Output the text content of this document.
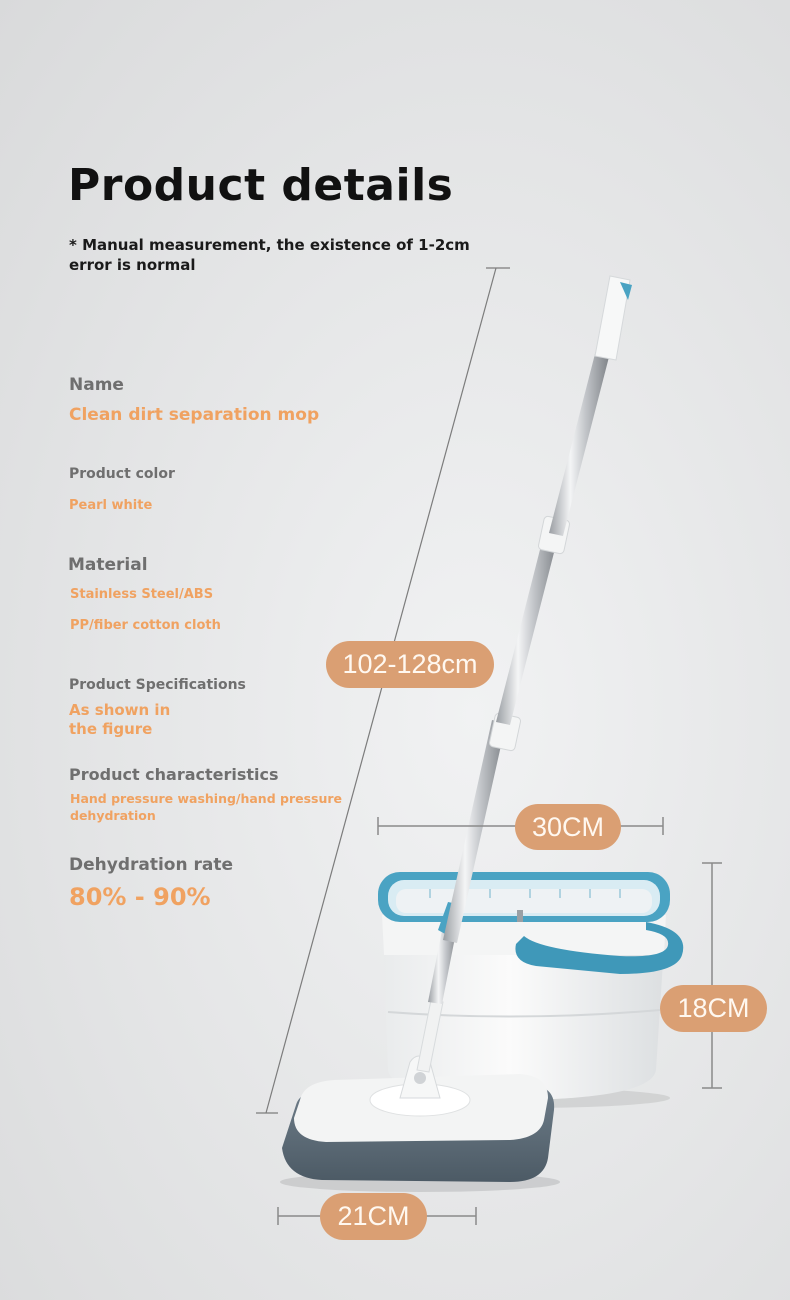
Product details
* Manual measurement, the existence of 1-2cm error is normal
Name
Clean dirt separation mop
Product color
Pearl white
Material
Stainless Steel/ABS
PP/fiber cotton cloth
Product Specifications
As shown in
the figure
Product characteristics
Hand pressure washing/hand pressure
dehydration
Dehydration rate
80% - 90%
102-128cm
30CM
18CM
21CM
